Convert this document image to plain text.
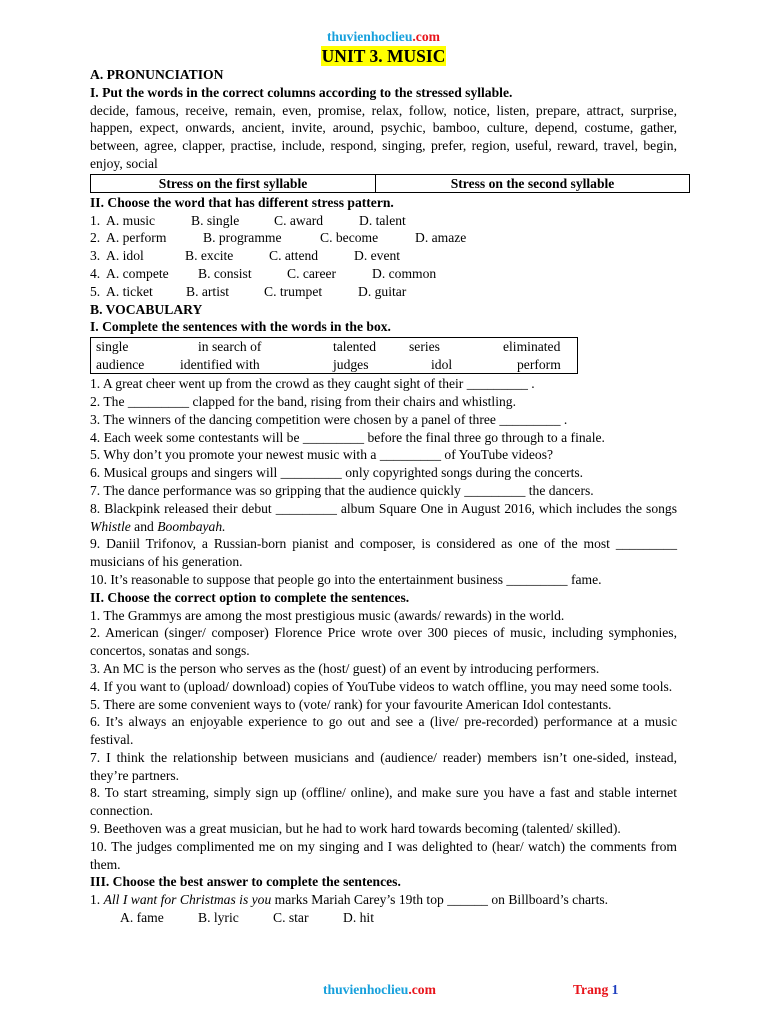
thuvienhoclieu.com
UNIT 3. MUSIC

A. PRONUNCIATION

I. Put the words in the correct columns according to the stressed syllable.

decide, famous, receive, remain, even, promise, relax, follow, notice, listen, prepare, attract, surprise, happen, expect, onwards, ancient, invite, around, psychic, bamboo, culture, depend, costume, gather, between, agree, clapper, practise, include, respond, singing, prefer, region, useful, reward, travel, begin, enjoy, social

Stress on the first syllable	Stress on the second syllable

II. Choose the word that has different stress pattern.

1. A. music	B. single	C. award	D. talent
2. A. perform	B. programme	C. become	D. amaze
3. A. idol	B. excite	C. attend	D. event
4. A. compete	B. consist	C. career	D. common
5. A. ticket	B. artist	C. trumpet	D. guitar

B. VOCABULARY

I. Complete the sentences with the words in the box.

single	in search of	talented	series	eliminated
audience	identified with	judges	idol	perform

1. A great cheer went up from the crowd as they caught sight of their _________ .

2. The _________ clapped for the band, rising from their chairs and whistling.

3. The winners of the dancing competition were chosen by a panel of three _________ .

4. Each week some contestants will be _________ before the final three go through to a finale.

5. Why don’t you promote your newest music with a _________ of YouTube videos?

6. Musical groups and singers will _________ only copyrighted songs during the concerts.

7. The dance performance was so gripping that the audience quickly _________ the dancers.

8. Blackpink released their debut _________ album Square One in August 2016, which includes the songs Whistle and Boombayah.

9. Daniil Trifonov, a Russian-born pianist and composer, is considered as one of the most _________ musicians of his generation.

10. It’s reasonable to suppose that people go into the entertainment business _________ fame.

II. Choose the correct option to complete the sentences.

1. The Grammys are among the most prestigious music (awards/ rewards) in the world.

2. American (singer/ composer) Florence Price wrote over 300 pieces of music, including symphonies, concertos, sonatas and songs.

3. An MC is the person who serves as the (host/ guest) of an event by introducing performers.

4. If you want to (upload/ download) copies of YouTube videos to watch offline, you may need some tools.

5. There are some convenient ways to (vote/ rank) for your favourite American Idol contestants.

6. It’s always an enjoyable experience to go out and see a (live/ pre-recorded) performance at a music festival.

7. I think the relationship between musicians and (audience/ reader) members isn’t one-sided, instead, they’re partners.

8. To start streaming, simply sign up (offline/ online), and make sure you have a fast and stable internet connection.

9. Beethoven was a great musician, but he had to work hard towards becoming (talented/ skilled).

10. The judges complimented me on my singing and I was delighted to (hear/ watch) the comments from them.

III. Choose the best answer to complete the sentences.

1. All I want for Christmas is you marks Mariah Carey’s 19th top ______ on Billboard’s charts.

A. fame	B. lyric	C. star	D. hit

thuvienhoclieu.com	Trang 1
